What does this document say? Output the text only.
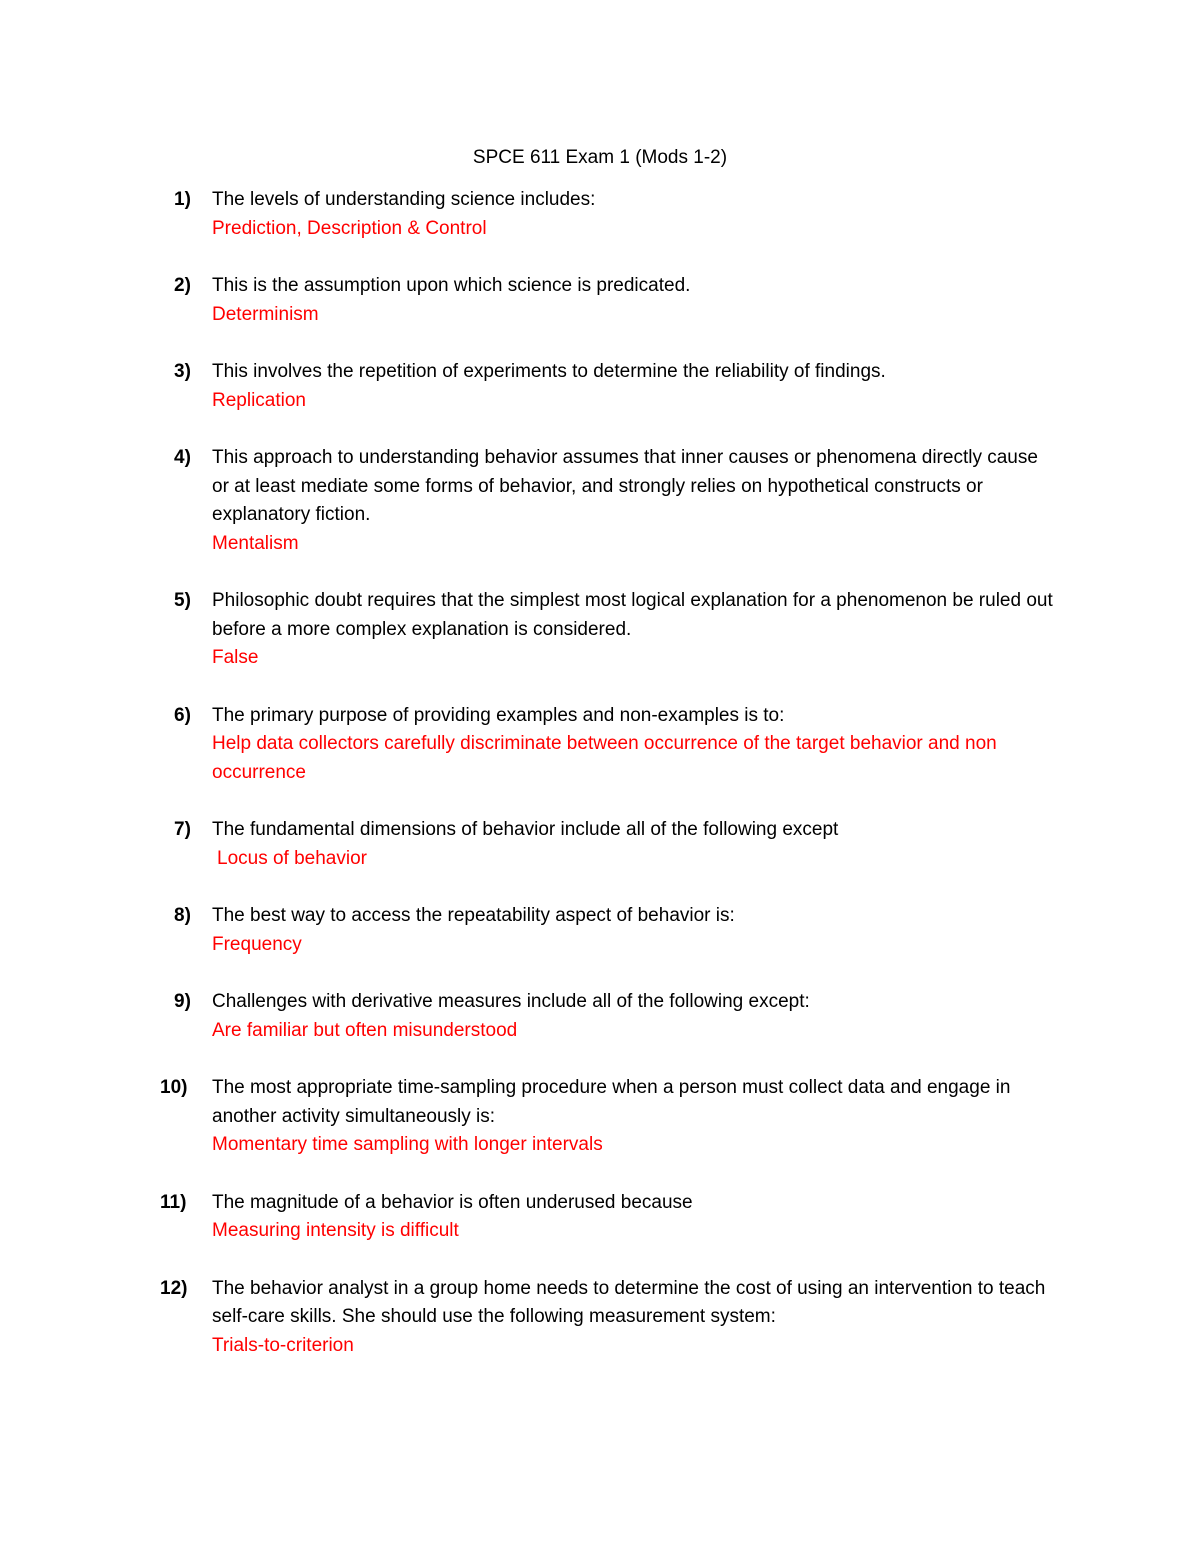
SPCE 611 Exam 1 (Mods 1-2)
1) The levels of understanding science includes:
Prediction, Description & Control
2) This is the assumption upon which science is predicated.
Determinism
3) This involves the repetition of experiments to determine the reliability of findings.
Replication
4) This approach to understanding behavior assumes that inner causes or phenomena directly cause or at least mediate some forms of behavior, and strongly relies on hypothetical constructs or explanatory fiction.
Mentalism
5) Philosophic doubt requires that the simplest most logical explanation for a phenomenon be ruled out before a more complex explanation is considered.
False
6) The primary purpose of providing examples and non-examples is to:
Help data collectors carefully discriminate between occurrence of the target behavior and non occurrence
7) The fundamental dimensions of behavior include all of the following except
Locus of behavior
8) The best way to access the repeatability aspect of behavior is:
Frequency
9) Challenges with derivative measures include all of the following except:
Are familiar but often misunderstood
10) The most appropriate time-sampling procedure when a person must collect data and engage in another activity simultaneously is:
Momentary time sampling with longer intervals
11) The magnitude of a behavior is often underused because
Measuring intensity is difficult
12) The behavior analyst in a group home needs to determine the cost of using an intervention to teach self-care skills. She should use the following measurement system:
Trials-to-criterion
